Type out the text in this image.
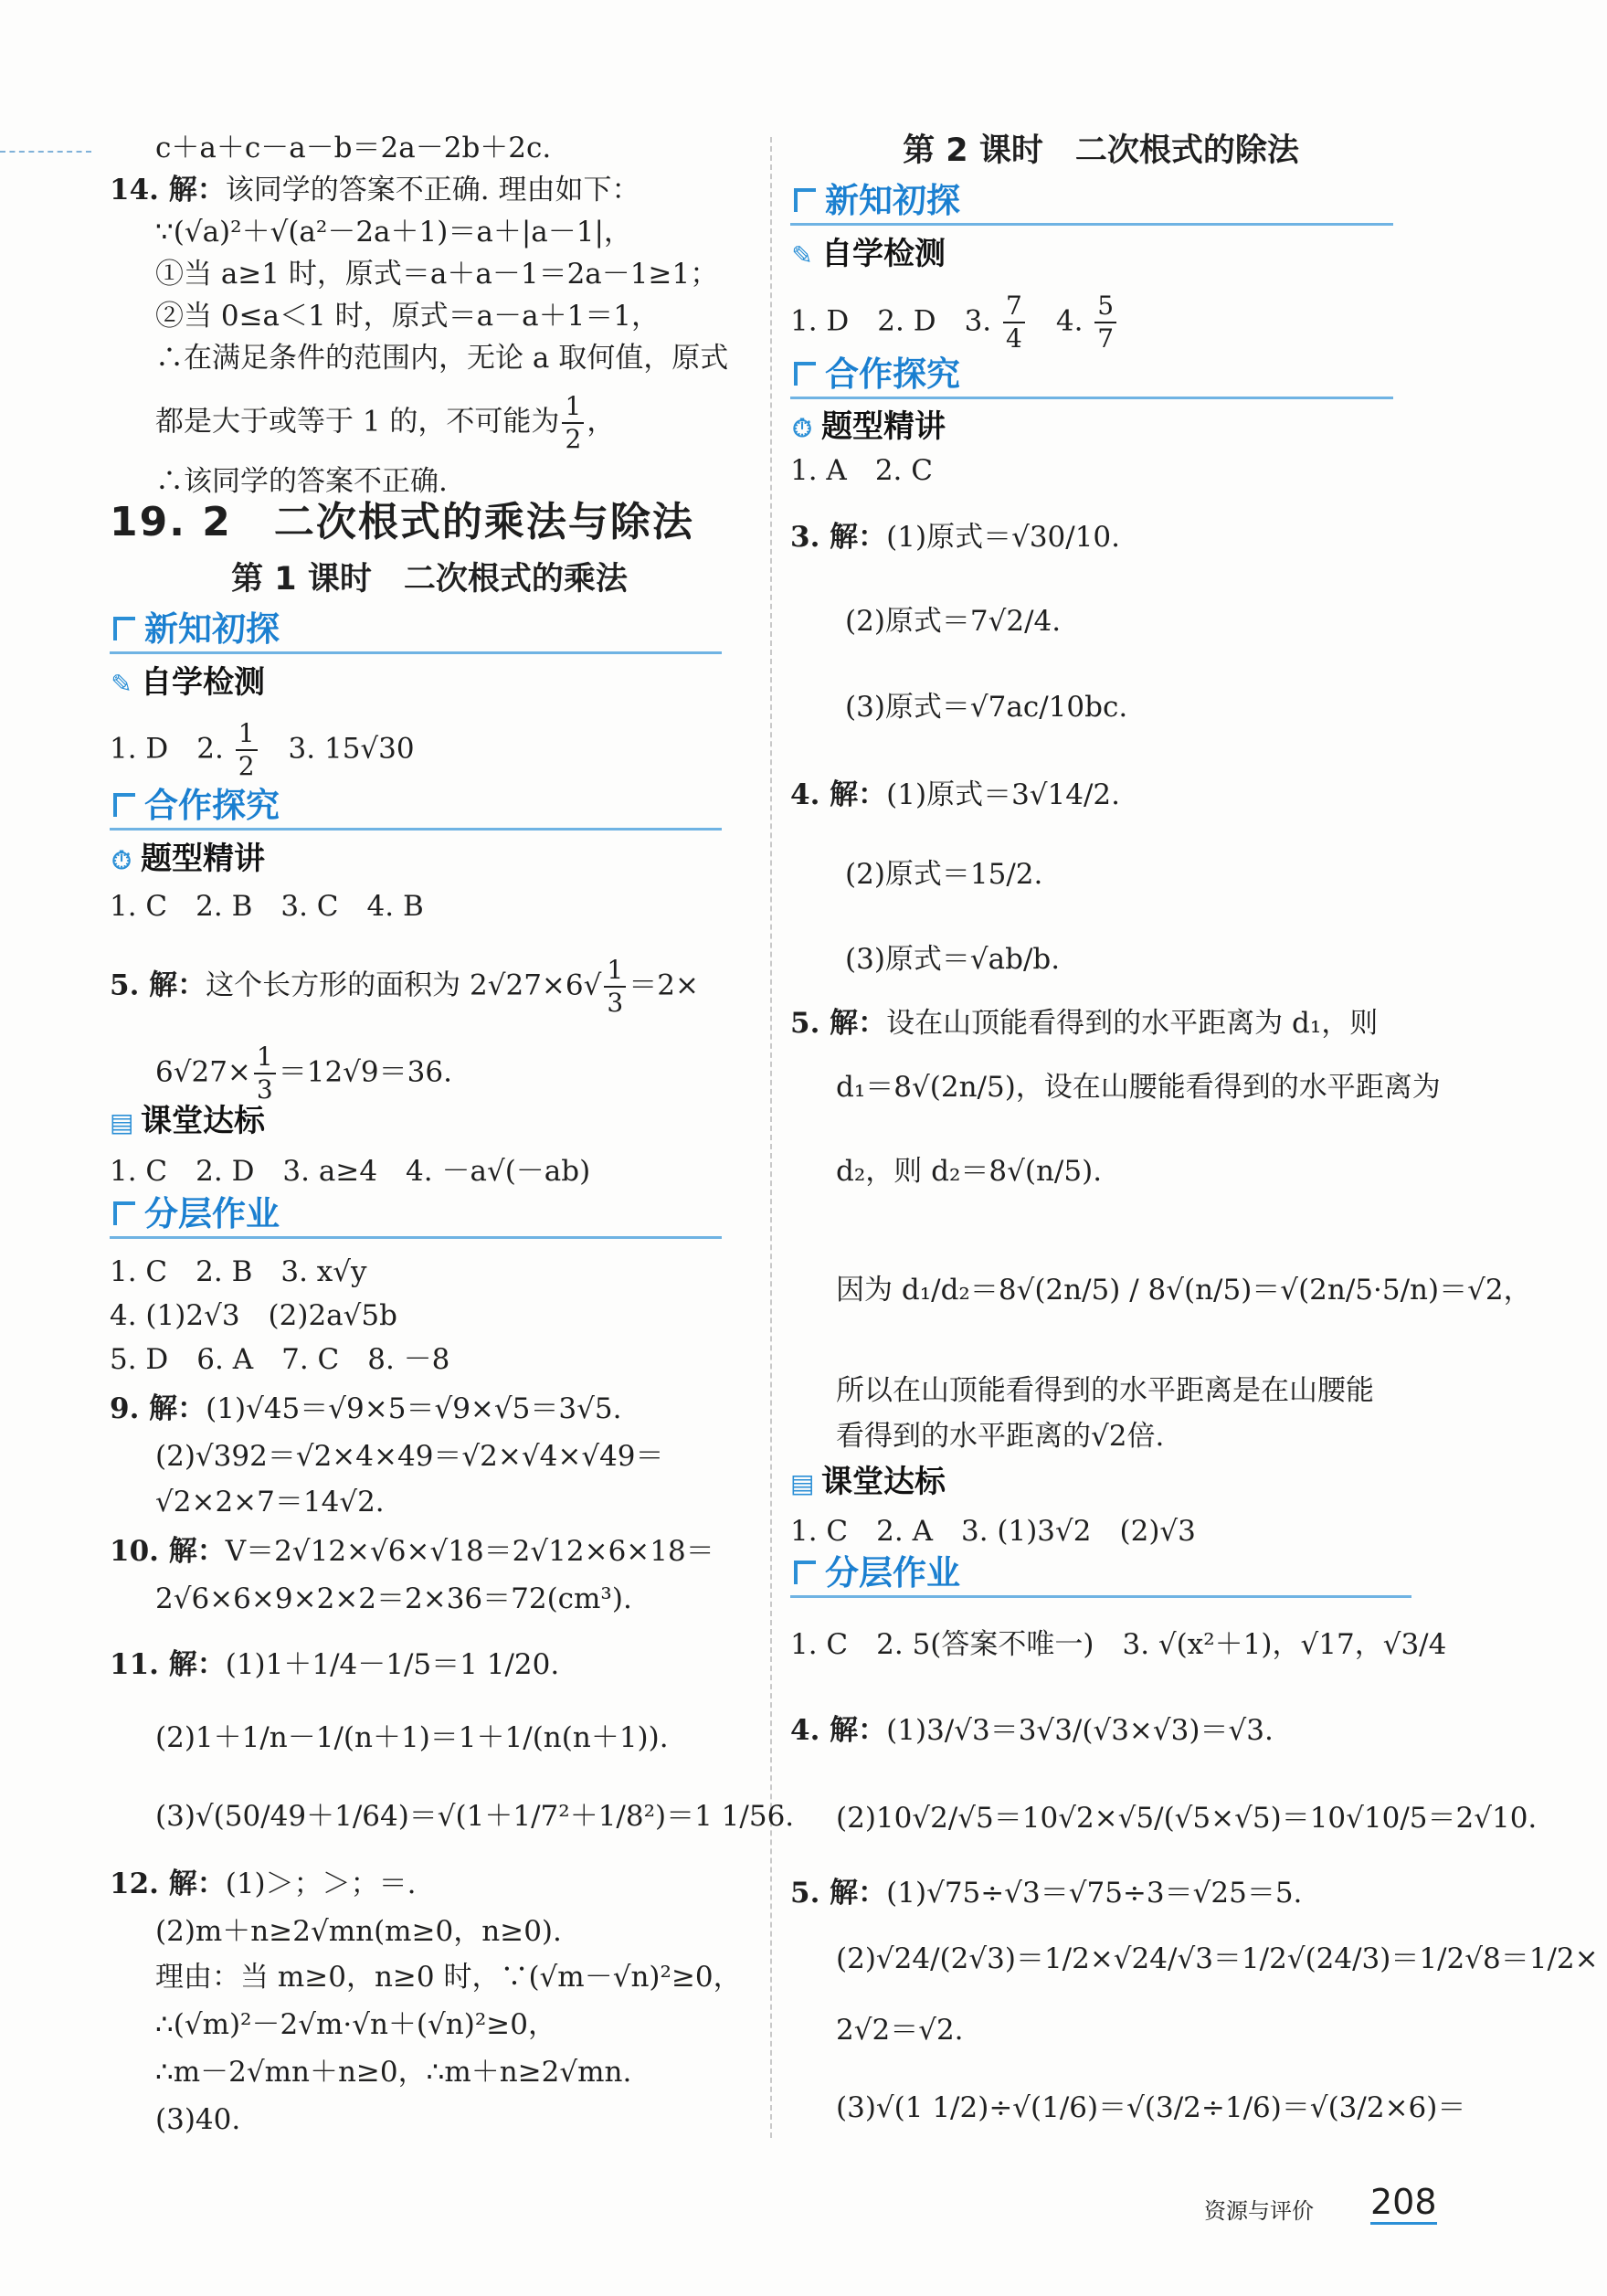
c＋a＋c－a－b＝2a－2b＋2c.
14. 解：该同学的答案不正确. 理由如下：
∵(√a)²＋√(a²－2a＋1)＝a＋|a－1|，
①当 a≥1 时，原式＝a＋a－1＝2a－1≥1；
②当 0≤a＜1 时，原式＝a－a＋1＝1，
∴在满足条件的范围内，无论 a 取何值，原式
都是大于或等于 1 的，不可能为 $\frac{1}{2}$ ，
∴该同学的答案不正确.
19. 2　二次根式的乘法与除法
第 1 课时　二次根式的乘法
新知初探
✎ 自学检测
1. D　2. $\frac{1}{2}$ 　3. 15√30
合作探究
⏱ 题型精讲
1. C　2. B　3. C　4. B
5. 解：这个长方形的面积为 $2√27\times 6√ \frac{1}{3} =2\times$
$6√27\times \frac{1}{3} =12√9=36$.
▤ 课堂达标
1. C　2. D　3. a≥4　4. －a√(－ab)
分层作业
1. C　2. B　3. x√y
4. (1)2√3　(2)2a√5b
5. D　6. A　7. C　8. －8
9. 解：(1)√45＝√9×5＝√9×√5＝3√5.
(2)√392＝√2×4×49＝√2×√4×√49＝
√2×2×7＝14√2.
10. 解：V＝2√12×√6×√18＝2√12×6×18＝
2√6×6×9×2×2＝2×36＝72(cm³).
11. 解：(1)1＋1/4－1/5＝1 1/20.
(2)1＋1/n－1/(n＋1)＝1＋1/(n(n＋1)).
(3)√(50/49＋1/64)＝√(1＋1/7²＋1/8²)＝1 1/56.
12. 解：(1)＞；＞；＝.
(2)m＋n≥2√mn(m≥0，n≥0).
理由：当 m≥0，n≥0 时，∵(√m－√n)²≥0，
∴(√m)²－2√m·√n＋(√n)²≥0，
∴m－2√mn＋n≥0，∴m＋n≥2√mn.
(3)40.
第 2 课时　二次根式的除法
新知初探
✎ 自学检测
1. D　2. D　3. $\frac{7}{4}$ 　4. $\frac{5}{7}$
合作探究
⏱ 题型精讲
1. A　2. C
3. 解：(1)原式＝√30/10.
(2)原式＝7√2/4.
(3)原式＝√7ac/10bc.
4. 解：(1)原式＝3√14/2.
(2)原式＝15/2.
(3)原式＝√ab/b.
5. 解：设在山顶能看得到的水平距离为 d₁，则
d₁＝8√(2n/5)，设在山腰能看得到的水平距离为
d₂，则 d₂＝8√(n/5).
因为 d₁/d₂＝8√(2n/5) / 8√(n/5)＝√(2n/5·5/n)＝√2，
所以在山顶能看得到的水平距离是在山腰能
看得到的水平距离的√2倍.
▤ 课堂达标
1. C　2. A　3. (1)3√2　(2)√3
分层作业
1. C　2. 5(答案不唯一)　3. √(x²＋1)，√17，√3/4
4. 解：(1)3/√3＝3√3/(√3×√3)＝√3.
(2)10√2/√5＝10√2×√5/(√5×√5)＝10√10/5＝2√10.
5. 解：(1)√75÷√3＝√75÷3＝√25＝5.
(2)√24/(2√3)＝1/2×√24/√3＝1/2√(24/3)＝1/2√8＝1/2×
2√2＝√2.
(3)√(1 1/2)÷√(1/6)＝√(3/2÷1/6)＝√(3/2×6)＝
资源与评价 208
